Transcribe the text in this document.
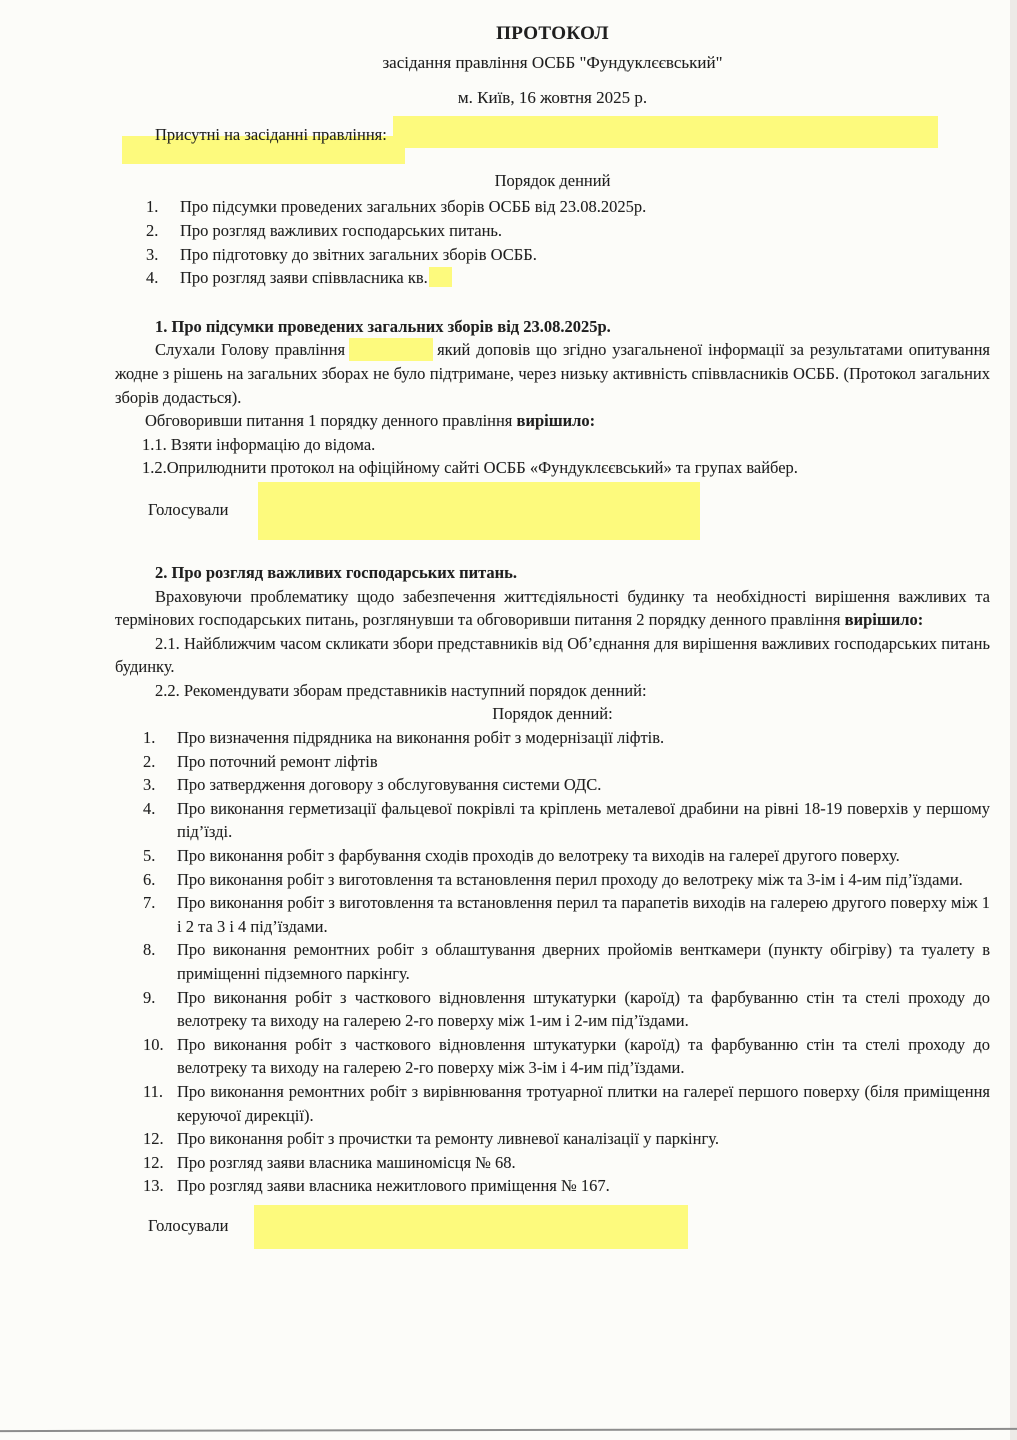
ПРОТОКОЛ
засідання правління ОСББ "Фундуклєєвський"
м. Київ, 16 жовтня 2025 р.

Присутні на засіданні правління:

Порядок денний
1.	Про підсумки проведених загальних зборів ОСББ від 23.08.2025р.
2.	Про розгляд важливих господарських питань.
3.	Про підготовку до звітних загальних зборів ОСББ.
4.	Про розгляд заяви співвласника кв.

1. Про підсумки проведених загальних зборів від 23.08.2025р.

Слухали Голову правління	який доповів що згідно узагальненої інформації за результатами опитування жодне з рішень на загальних зборах не було підтримане, через низьку активність співвласників ОСББ. (Протокол загальних зборів додасться).

Обговоривши питання 1 порядку денного правління вирішило:

1.1. Взяти інформацію до відома.

1.2.Оприлюднити протокол на офіційному сайті ОСББ «Фундуклєєвський» та групах вайбер.

Голосували

2. Про розгляд важливих господарських питань.

Враховуючи проблематику щодо забезпечення життєдіяльності будинку та необхідності вирішення важливих та термінових господарських питань, розглянувши та обговоривши питання 2 порядку денного правління вирішило:

2.1. Найближчим часом скликати збори представників від Об’єднання для вирішення важливих господарських питань будинку.

2.2. Рекомендувати зборам представників наступний порядок денний:

Порядок денний:
1.	Про визначення підрядника на виконання робіт з модернізації ліфтів.
2.	Про поточний ремонт ліфтів
3.	Про затвердження договору з обслуговування системи ОДС.
4.	Про виконання герметизації фальцевої покрівлі та кріплень металевої драбини на рівні 18-19 поверхів у першому під’їзді.
5.	Про виконання робіт з фарбування сходів проходів до велотреку та виходів на галереї другого поверху.
6.	Про виконання робіт з виготовлення та встановлення перил проходу до велотреку між та 3-ім і 4-им під’їздами.
7.	Про виконання робіт з виготовлення та встановлення перил та парапетів виходів на галерею другого поверху між 1 і 2 та 3 і 4 під’їздами.
8.	Про виконання ремонтних робіт з облаштування дверних пройомів венткамери (пункту обігріву) та туалету в приміщенні підземного паркінгу.
9.	Про виконання робіт з часткового відновлення штукатурки (кароїд) та фарбуванню стін та стелі проходу до велотреку та виходу на галерею 2-го поверху між 1-им і 2-им під’їздами.
10. Про виконання робіт з часткового відновлення штукатурки (кароїд) та фарбуванню стін та стелі проходу до велотреку та виходу на галерею 2-го поверху між 3-ім і 4-им під’їздами.
11. Про виконання ремонтних робіт з вирівнювання тротуарної плитки на галереї першого поверху (біля приміщення керуючої дирекції).
12. Про виконання робіт з прочистки та ремонту ливневої каналізації у паркінгу.
12. Про розгляд заяви власника машиномісця № 68.
13. Про розгляд заяви власника нежитлового приміщення № 167.

Голосували
